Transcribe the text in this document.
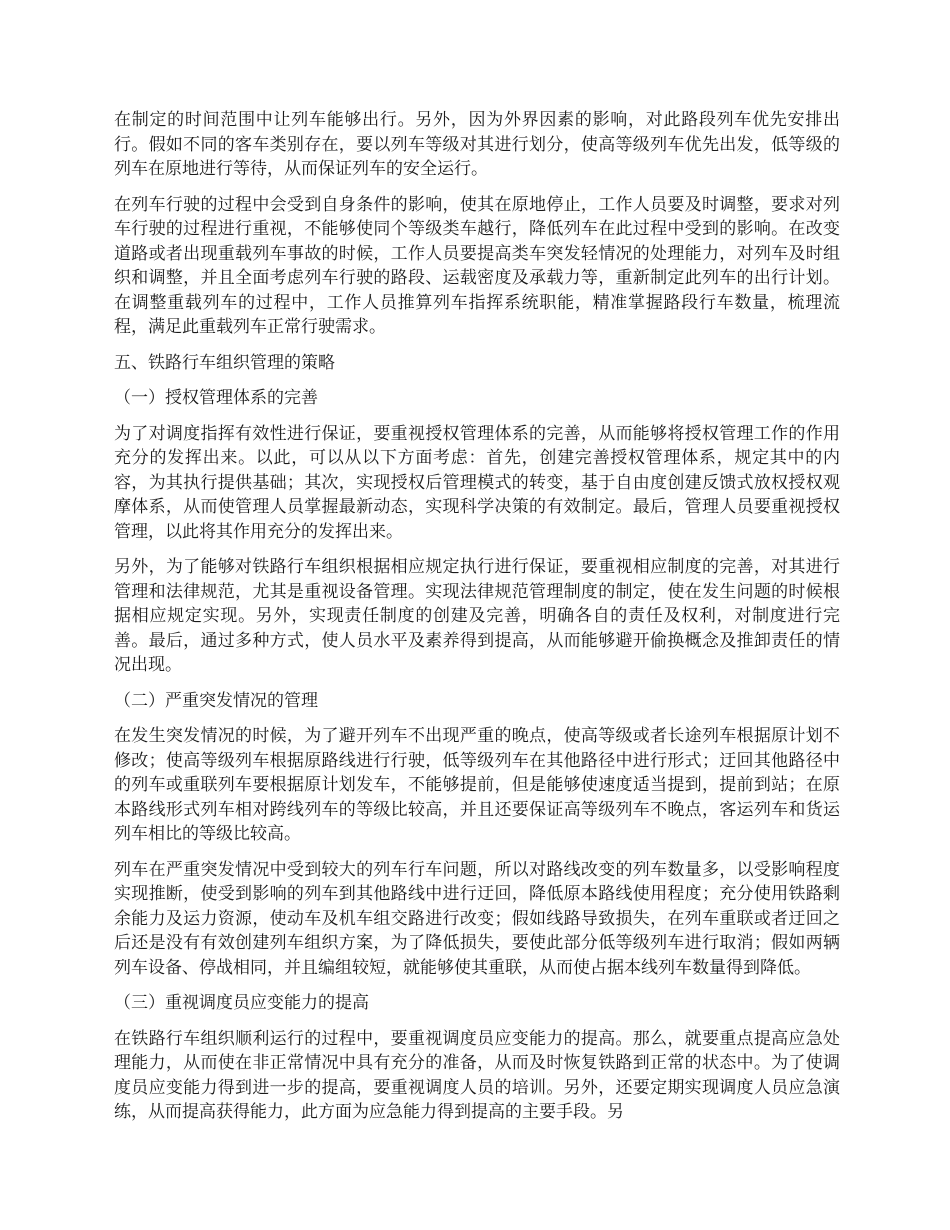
在制定的时间范围中让列车能够出行。另外，因为外界因素的影响，对此路段列车优先安排出行。假如不同的客车类别存在，要以列车等级对其进行划分，使高等级列车优先出发，低等级的列车在原地进行等待，从而保证列车的安全运行。

在列车行驶的过程中会受到自身条件的影响，使其在原地停止，工作人员要及时调整，要求对列车行驶的过程进行重视，不能够使同个等级类车越行，降低列车在此过程中受到的影响。在改变道路或者出现重载列车事故的时候，工作人员要提高类车突发轻情况的处理能力，对列车及时组织和调整，并且全面考虑列车行驶的路段、运载密度及承载力等，重新制定此列车的出行计划。在调整重载列车的过程中，工作人员推算列车指挥系统职能，精准掌握路段行车数量，梳理流程，满足此重载列车正常行驶需求。

五、铁路行车组织管理的策略

（一）授权管理体系的完善

为了对调度指挥有效性进行保证，要重视授权管理体系的完善，从而能够将授权管理工作的作用充分的发挥出来。以此，可以从以下方面考虑：首先，创建完善授权管理体系，规定其中的内容，为其执行提供基础；其次，实现授权后管理模式的转变，基于自由度创建反馈式放权授权观摩体系，从而使管理人员掌握最新动态，实现科学决策的有效制定。最后，管理人员要重视授权管理，以此将其作用充分的发挥出来。

另外，为了能够对铁路行车组织根据相应规定执行进行保证，要重视相应制度的完善，对其进行管理和法律规范，尤其是重视设备管理。实现法律规范管理制度的制定，使在发生问题的时候根据相应规定实现。另外，实现责任制度的创建及完善，明确各自的责任及权利，对制度进行完善。最后，通过多种方式，使人员水平及素养得到提高，从而能够避开偷换概念及推卸责任的情况出现。

（二）严重突发情况的管理

在发生突发情况的时候，为了避开列车不出现严重的晚点，使高等级或者长途列车根据原计划不修改；使高等级列车根据原路线进行行驶，低等级列车在其他路径中进行形式；迂回其他路径中的列车或重联列车要根据原计划发车，不能够提前，但是能够使速度适当提到，提前到站；在原本路线形式列车相对跨线列车的等级比较高，并且还要保证高等级列车不晚点，客运列车和货运列车相比的等级比较高。

列车在严重突发情况中受到较大的列车行车问题，所以对路线改变的列车数量多，以受影响程度实现推断，使受到影响的列车到其他路线中进行迂回，降低原本路线使用程度；充分使用铁路剩余能力及运力资源，使动车及机车组交路进行改变；假如线路导致损失，在列车重联或者迂回之后还是没有有效创建列车组织方案，为了降低损失，要使此部分低等级列车进行取消；假如两辆列车设备、停战相同，并且编组较短，就能够使其重联，从而使占据本线列车数量得到降低。

（三）重视调度员应变能力的提高

在铁路行车组织顺利运行的过程中，要重视调度员应变能力的提高。那么，就要重点提高应急处理能力，从而使在非正常情况中具有充分的准备，从而及时恢复铁路到正常的状态中。为了使调度员应变能力得到进一步的提高，要重视调度人员的培训。另外，还要定期实现调度人员应急演练，从而提高获得能力，此方面为应急能力得到提高的主要手段。另
